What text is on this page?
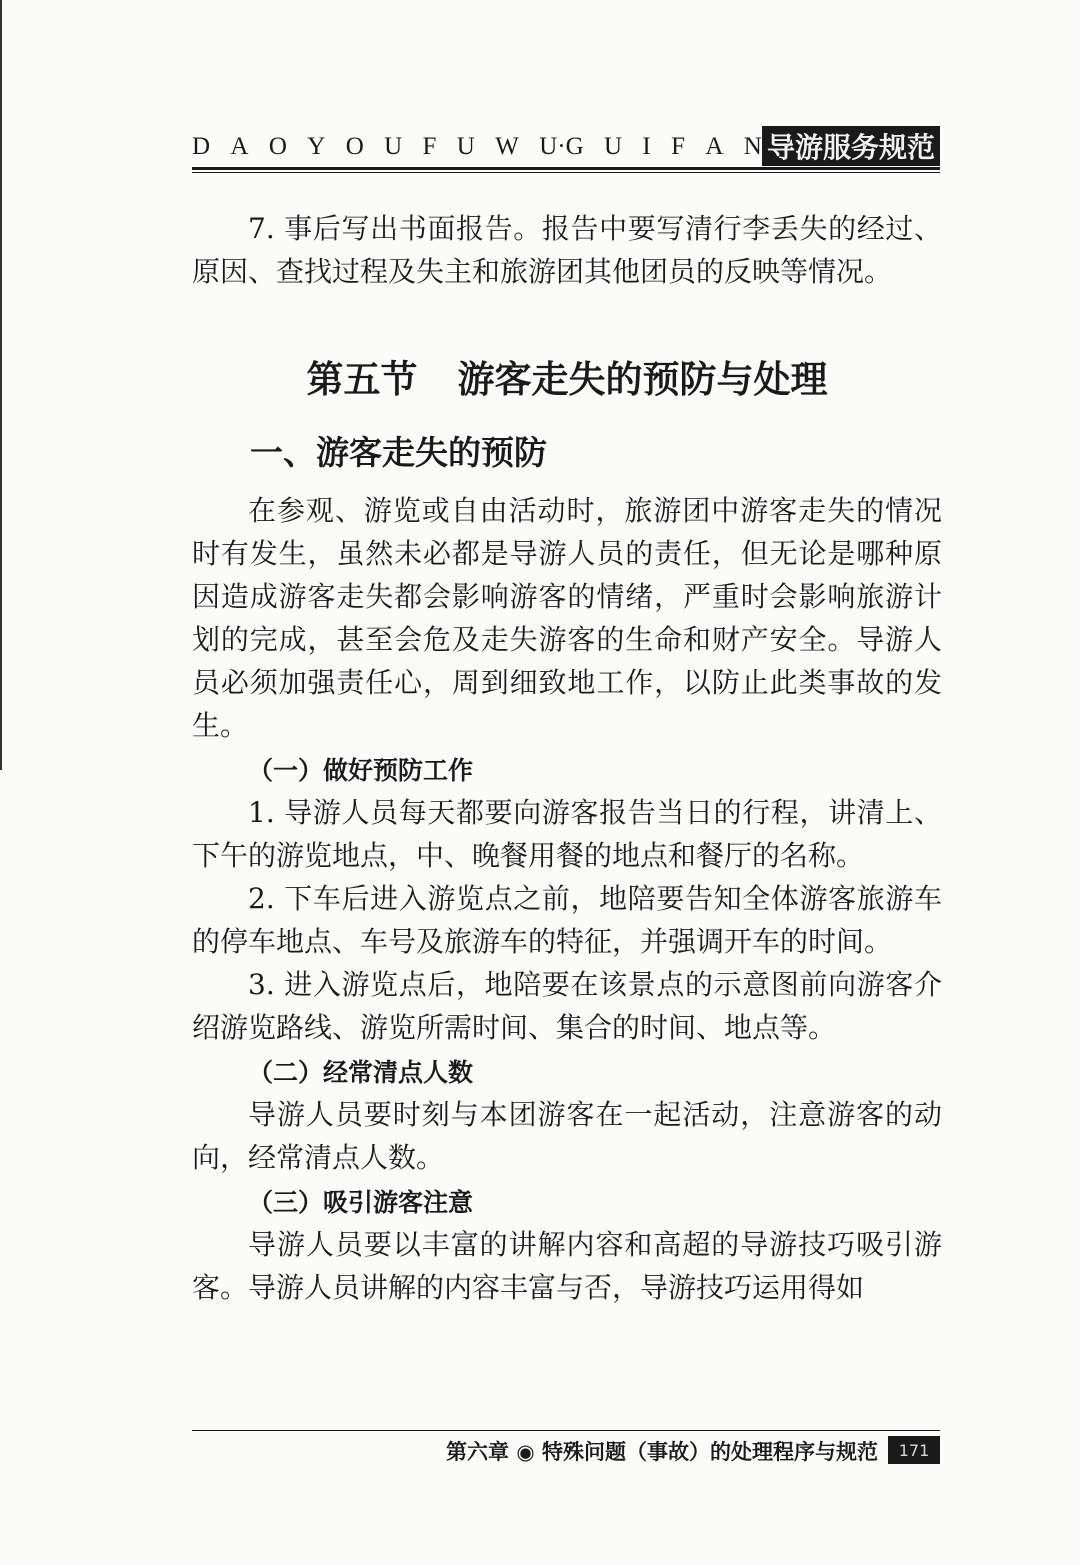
D A O Y O U F U W U·G U I F A N 导游服务规范

7. 事后写出书面报告。报告中要写清行李丢失的经过、原因、查找过程及失主和旅游团其他团员的反映等情况。

第五节 游客走失的预防与处理
一、游客走失的预防

在参观、游览或自由活动时，旅游团中游客走失的情况时有发生，虽然未必都是导游人员的责任，但无论是哪种原因造成游客走失都会影响游客的情绪，严重时会影响旅游计划的完成，甚至会危及走失游客的生命和财产安全。导游人员必须加强责任心，周到细致地工作，以防止此类事故的发生。

（一）做好预防工作

1. 导游人员每天都要向游客报告当日的行程，讲清上、下午的游览地点，中、晚餐用餐的地点和餐厅的名称。

2. 下车后进入游览点之前，地陪要告知全体游客旅游车的停车地点、车号及旅游车的特征，并强调开车的时间。

3. 进入游览点后，地陪要在该景点的示意图前向游客介绍游览路线、游览所需时间、集合的时间、地点等。

（二）经常清点人数

导游人员要时刻与本团游客在一起活动，注意游客的动向，经常清点人数。

（三）吸引游客注意

导游人员要以丰富的讲解内容和高超的导游技巧吸引游客。导游人员讲解的内容丰富与否，导游技巧运用得如

第六章 ◉ 特殊问题（事故）的处理程序与规范	171
